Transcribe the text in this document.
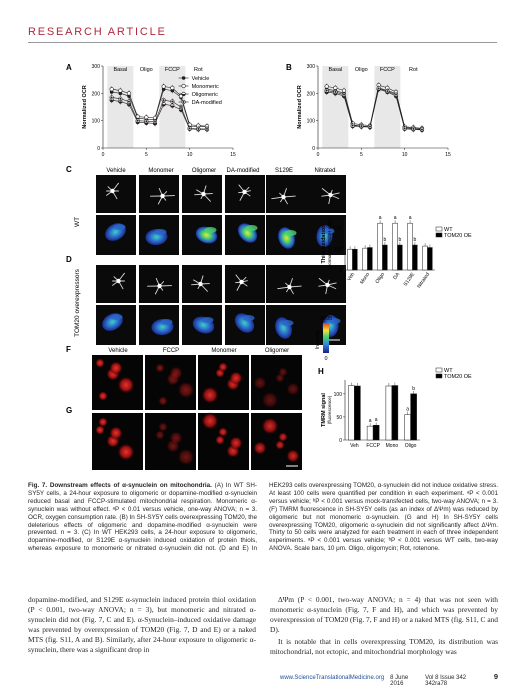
RESEARCH ARTICLE
A	B
C
D
F
G
H
Basal Oligo FCCP	Rot
0
100
200
300
0	5	10	15
Normalized OCR
Vehicle
Monomeric
Oligomeric
DA-modified
Basal Oligo FCCP	Rot
0
100
200
300
0	5	10	15
Normalized OCR
Vehicle	Monomer	Oligomer DA-modified	S129E	Nitrated
WT
TOM20
Ratio SS/SH
TOM20 overexpressors TOM20
Ratio SS/SH	4095
0
Intensity
0
100
200
Thiol oxidation (normalized SS/SH ratio)
Veh Mono
a
b
Oligo
a
b
DA
a
b
S129E Nitrated
WT
TOM20 OE
Vehicle	FCCP	Monomer	Oligomer
WT
TOM20 OE	0
50
100
TMRM signal (fluorescence)
Veh
a a
FCCP Mono
a
b
Oligo
WT
TOM20 OE
Fig. 7. Downstream effects of α-synuclein on mitochondria. (A) In WT SH-SY5Y cells, a 24-hour exposure to oligomeric or dopamine-modified α-synuclein reduced basal and FCCP-stimulated mitochondrial respiration. Monomeric α-synuclein was without effect. ᵃP < 0.01 versus vehicle, one-way ANOVA; n = 3. OCR, oxygen consumption rate. (B) In SH-SY5Y cells overexpressing TOM20, the deleterious effects of oligomeric and dopamine-modified α-synuclein were prevented. n = 3. (C) In WT HEK293 cells, a 24-hour exposure to oligomeric, dopamine-modified, or S129E α-synuclein induced oxidation of protein thiols, whereas exposure to monomeric or nitrated α-synuclein did not. (D and E) In HEK293 cells overexpressing TOM20, α-synuclein did not induce oxidative stress. At least 100 cells were quantified per condition in each experiment. ᵃP < 0.001 versus vehicle; ᵇP < 0.001 versus mock-transfected cells, two-way ANOVA; n = 3. (F) TMRM fluorescence in SH-SY5Y cells (as an index of ΔΨm) was reduced by oligomeric but not monomeric α-synuclein. (G and H) In SH-SY5Y cells overexpressing TOM20, oligomeric α-synuclein did not significantly affect ΔΨm. Thirty to 50 cells were analyzed for each treatment in each of three independent experiments. ᵃP < 0.001 versus vehicle; ᵇP < 0.001 versus WT cells, two-way ANOVA. Scale bars, 10 μm. Oligo, oligomycin; Rot, rotenone.

dopamine-modified, and S129E α-synuclein induced protein thiol oxidation (P < 0.001, two-way ANOVA; n = 3), but monomeric and nitrated α-synuclein did not (Fig. 7, C and E). α-Synuclein–induced oxidative damage was prevented by overexpression of TOM20 (Fig. 7, D and E) or a naked MTS (fig. S11, A and B). Similarly, after 24-hour exposure to oligomeric α-synuclein, there was a significant drop in

ΔΨm (P < 0.001, two-way ANOVA; n = 4) that was not seen with monomeric α-synuclein (Fig. 7, F and H), and which was prevented by overexpression of TOM20 (Fig. 7, F and H) or a naked MTS (fig. S11, C and D).

It is notable that in cells overexpressing TOM20, its distribution was mitochondrial, not ectopic, and mitochondrial morphology was

www.ScienceTranslationalMedicine.org 8 June 2016
Vol 8 Issue 342 342ra78
9
